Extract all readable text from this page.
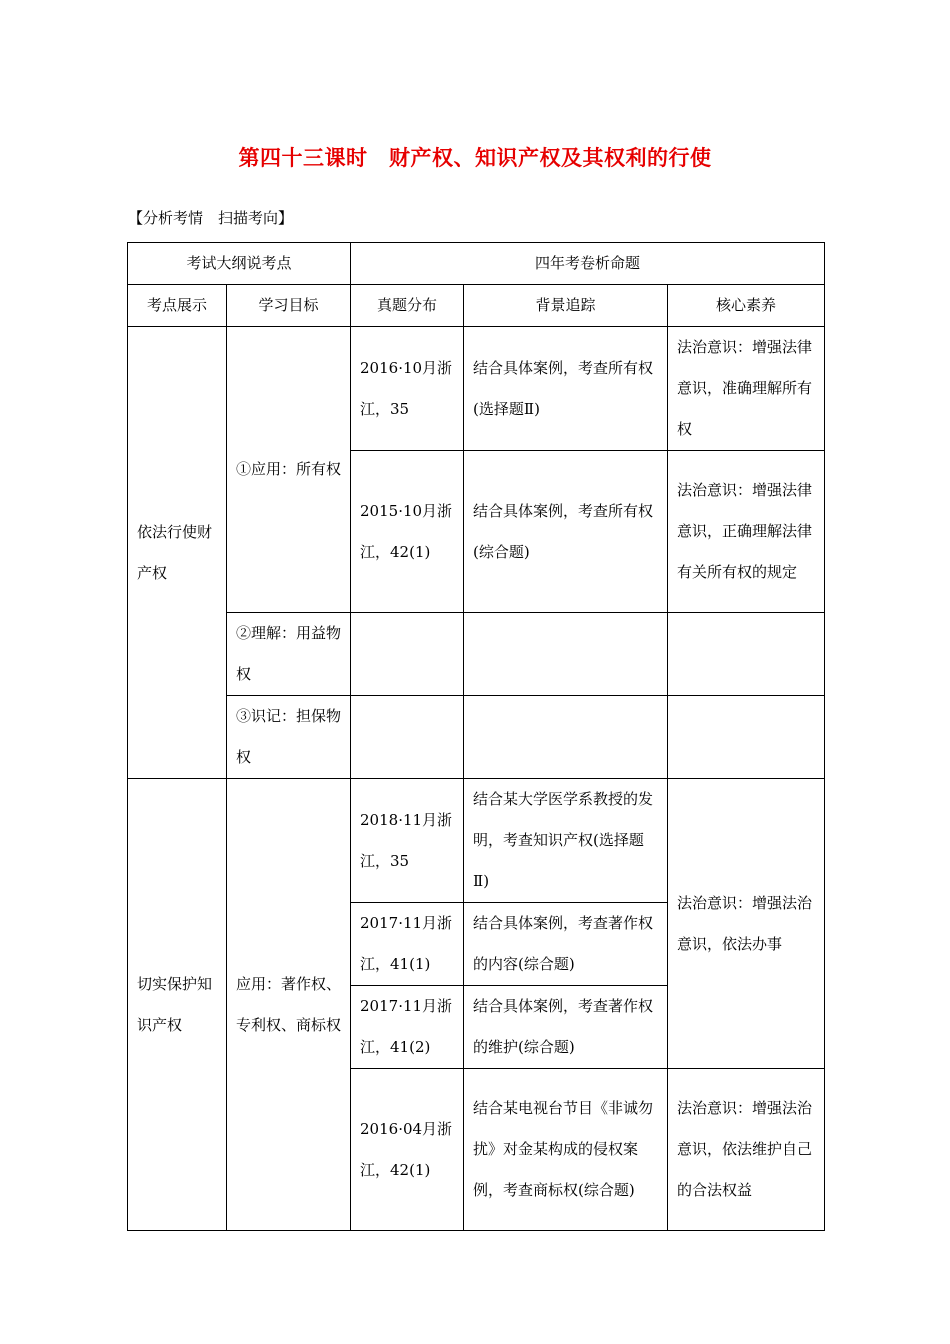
第四十三课时　财产权、知识产权及其权利的行使
【分析考情　扫描考向】
考试大纲说考点		四年考卷析命题		
考点展示	学习目标	真题分布	背景追踪	核心素养
依法行使财产权	①应用：所有权	2016·10月浙江，35	结合具体案例，考查所有权(选择题Ⅱ)	法治意识：增强法律意识，准确理解所有权
		2015·10月浙江，42(1)	结合具体案例，考查所有权(综合题)	法治意识：增强法律意识，正确理解法律有关所有权的规定
	②理解：用益物权			
	③识记：担保物权			
切实保护知识产权	应用：著作权、专利权、商标权	2018·11月浙江，35	结合某大学医学系教授的发明，考查知识产权(选择题Ⅱ)	法治意识：增强法治意识，依法办事
		2017·11月浙江，41(1)	结合具体案例，考查著作权的内容(综合题)	
		2017·11月浙江，41(2)	结合具体案例，考查著作权的维护(综合题)	
		2016·04月浙江，42(1)	结合某电视台节目《非诚勿扰》对金某构成的侵权案例，考查商标权(综合题)	法治意识：增强法治意识，依法维护自己的合法权益
